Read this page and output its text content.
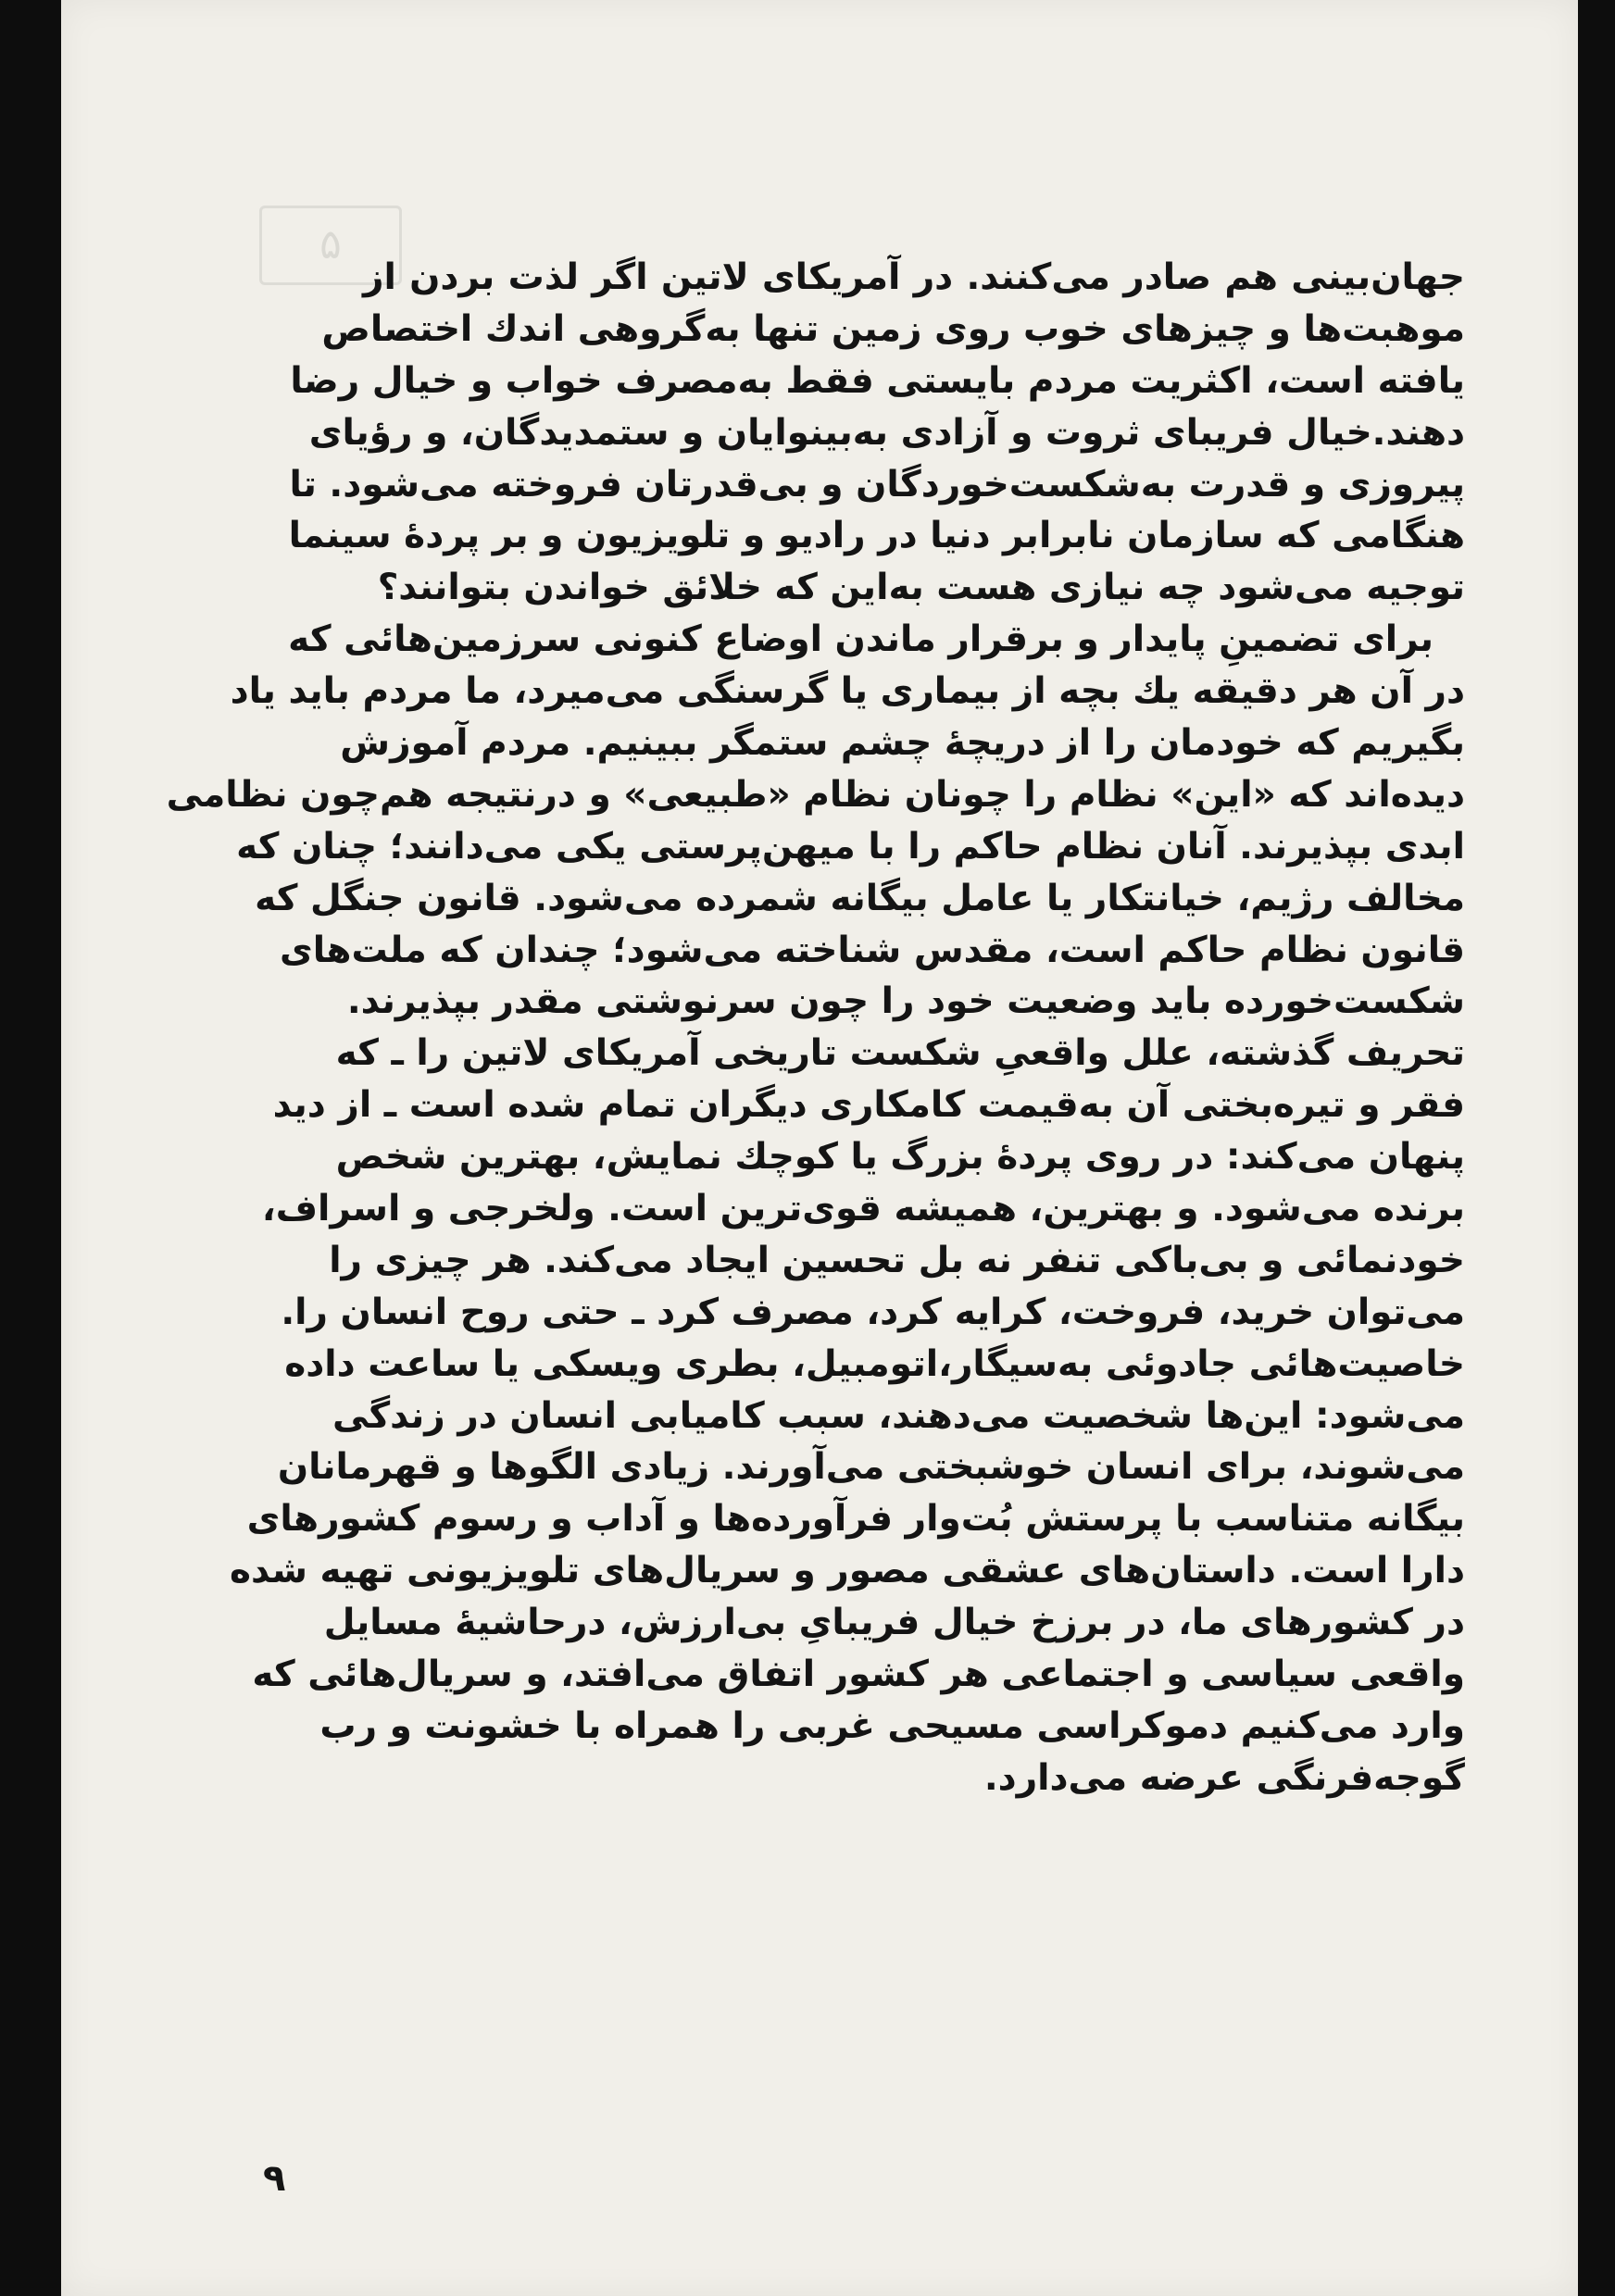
۵
جهان‌بینی هم صادر می‌کنند. در آمریکای لاتین اگر لذت بردن از
موهبت‌ها و چیزهای خوب روی زمین تنها به‌گروهی اندك اختصاص
یافته است، اکثریت مردم بایستی فقط به‌مصرف خواب و خیال رضا
دهند.خیال فریبای ثروت و آزادی به‌بینوایان و ستمدیدگان، و رؤیای
پیروزی و قدرت به‌شکست‌خوردگان و بی‌قدرتان فروخته می‌شود. تا
هنگامی که سازمان نابرابر دنیا در رادیو و تلویزیون و بر پردهٔ سینما
توجیه می‌شود چه نیازی هست به‌این که خلائق خواندن بتوانند؟
برای تضمینِ پایدار و برقرار ماندن اوضاع کنونی سرزمین‌هائی که
در آن هر دقیقه یك بچه از بیماری یا گرسنگی می‌میرد، ما مردم باید یاد
بگیریم که خودمان را از دریچهٔ چشم ستمگر ببینیم. مردم آموزش
دیده‌اند که «این» نظام را چونان نظام «طبیعی» و درنتیجه هم‌چون نظامی
ابدی بپذیرند. آنان نظام حاکم را با میهن‌پرستی یکی می‌دانند؛ چنان که
مخالف رژیم، خیانتکار یا عامل بیگانه شمرده می‌شود. قانون جنگل که
قانون نظام حاکم است، مقدس شناخته می‌شود؛ چندان که ملت‌های
شکست‌خورده باید وضعیت خود را چون سرنوشتی مقدر بپذیرند.
تحریف گذشته، علل واقعیِ شکست تاریخی آمریکای لاتین را ـ که
فقر و تیره‌بختی آن به‌قیمت کامکاری دیگران تمام شده است ـ از دید
پنهان می‌کند: در روی پردهٔ بزرگ یا کوچك نمایش، بهترین شخص
برنده می‌شود. و بهترین، همیشه قوی‌ترین است. ولخرجی و اسراف،
خودنمائی و بی‌باکی تنفر نه بل تحسین ایجاد می‌کند. هر چیزی را
می‌توان خرید، فروخت، کرایه کرد، مصرف کرد ـ حتی روح انسان را.
خاصیت‌هائی جادوئی به‌سیگار،اتومبیل، بطری ویسکی یا ساعت داده
می‌شود: این‌ها شخصیت می‌دهند، سبب کامیابی انسان در زندگی
می‌شوند، برای انسان خوشبختی می‌آورند. زیادی الگوها و قهرمانان
بیگانه متناسب با پرستش بُت‌وار فرآورده‌ها و آداب و رسوم کشورهای
دارا است. داستان‌های عشقی مصور و سریال‌های تلویزیونی تهیه شده
در کشورهای ما، در برزخ خیال فریبایِ بی‌ارزش، درحاشیهٔ مسایل
واقعی سیاسی و اجتماعی هر کشور اتفاق می‌افتد، و سریال‌هائی که
وارد می‌کنیم دموکراسی مسیحی غربی را همراه با خشونت و رب
گوجه‌فرنگی عرضه می‌دارد.
۹
